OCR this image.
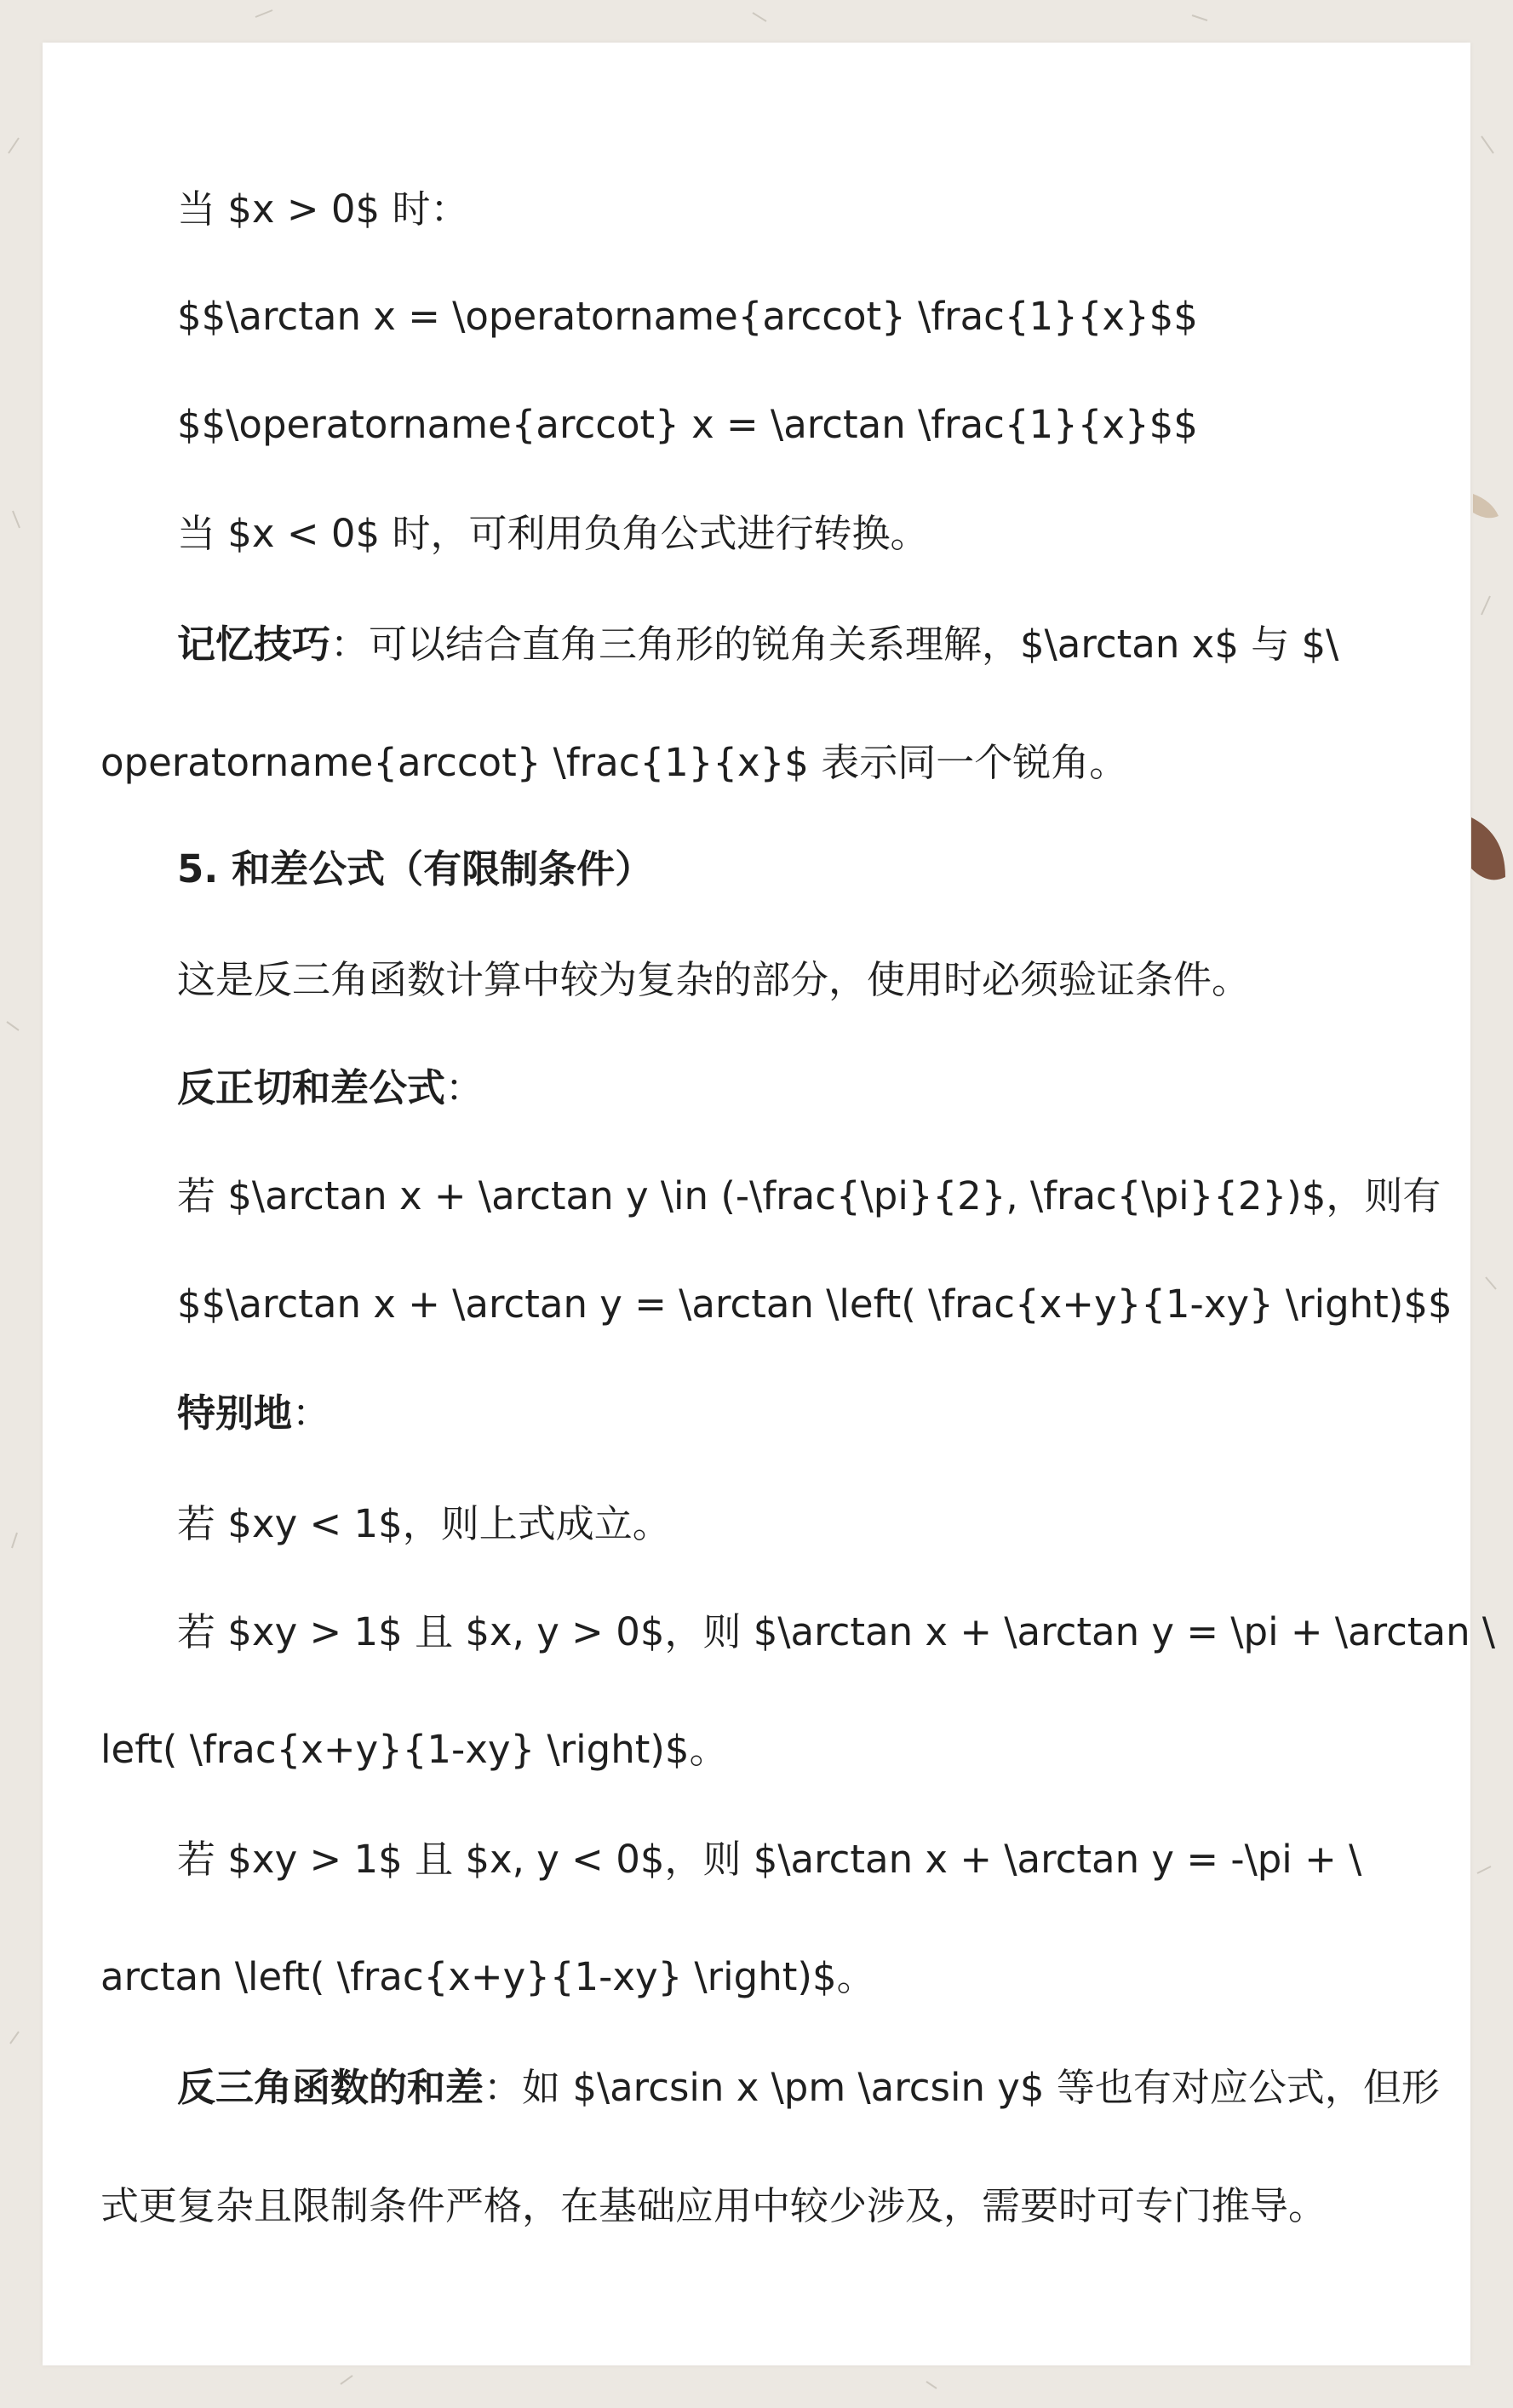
当 $x > 0$ 时：
$$\arctan x = \operatorname{arccot} \frac{1}{x}$$
$$\operatorname{arccot} x = \arctan \frac{1}{x}$$
当 $x < 0$ 时，可利用负角公式进行转换。
记忆技巧：可以结合直角三角形的锐角关系理解，$\arctan x$ 与 $\
operatorname{arccot} \frac{1}{x}$ 表示同一个锐角。
5. 和差公式（有限制条件）
这是反三角函数计算中较为复杂的部分，使用时必须验证条件。
反正切和差公式：
若 $\arctan x + \arctan y \in (-\frac{\pi}{2}, \frac{\pi}{2})$，则有
$$\arctan x + \arctan y = \arctan \left( \frac{x+y}{1-xy} \right)$$
特别地：
若 $xy < 1$，则上式成立。
若 $xy > 1$ 且 $x, y > 0$，则 $\arctan x + \arctan y = \pi + \arctan \
left( \frac{x+y}{1-xy} \right)$。
若 $xy > 1$ 且 $x, y < 0$，则 $\arctan x + \arctan y = -\pi + \
arctan \left( \frac{x+y}{1-xy} \right)$。
反三角函数的和差：如 $\arcsin x \pm \arcsin y$ 等也有对应公式，但形
式更复杂且限制条件严格，在基础应用中较少涉及，需要时可专门推导。
